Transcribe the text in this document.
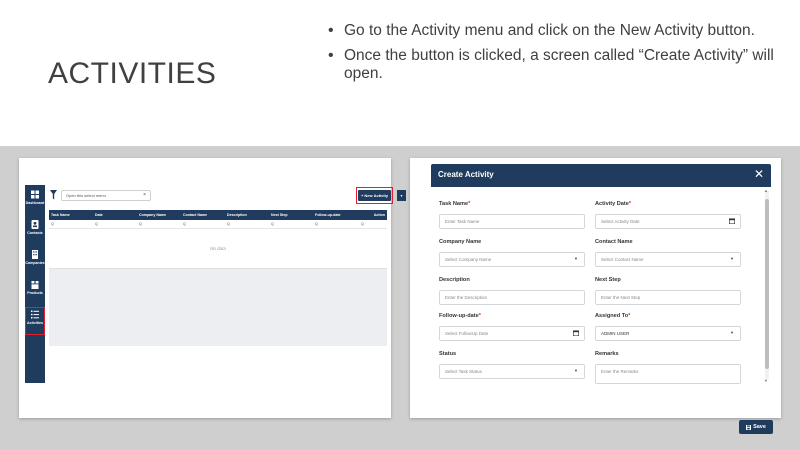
ACTIVITIES
• Go to the Activity menu and click on the New Activity button.
• Once the button is clicked, a screen called “Create Activity” will open.
Dashboard
Contacts
Companies
Products
Activities
Open this select menu	×	+ New Activity	▾
Task Name	Date	Company Name	Contact Name	Description	Next Step	Follow-up-date	Action
Q	Q	Q	Q	Q	Q	Q	Q
No data
Create Activity	✕
▲
▼
Task Name*
Enter Task Name
Activity Date*
Select Activity Date
Company Name
Select Company Name	▼
Contact Name
Select Contact Name	▼
Description
Enter the Description
Next Step
Enter the Next Step
Follow-up-date*
Select FollowUp Date
Assigned To*
ADMIN USER	▼
Status
Select Task Status	▼
Remarks
Enter the Remarks
Save
